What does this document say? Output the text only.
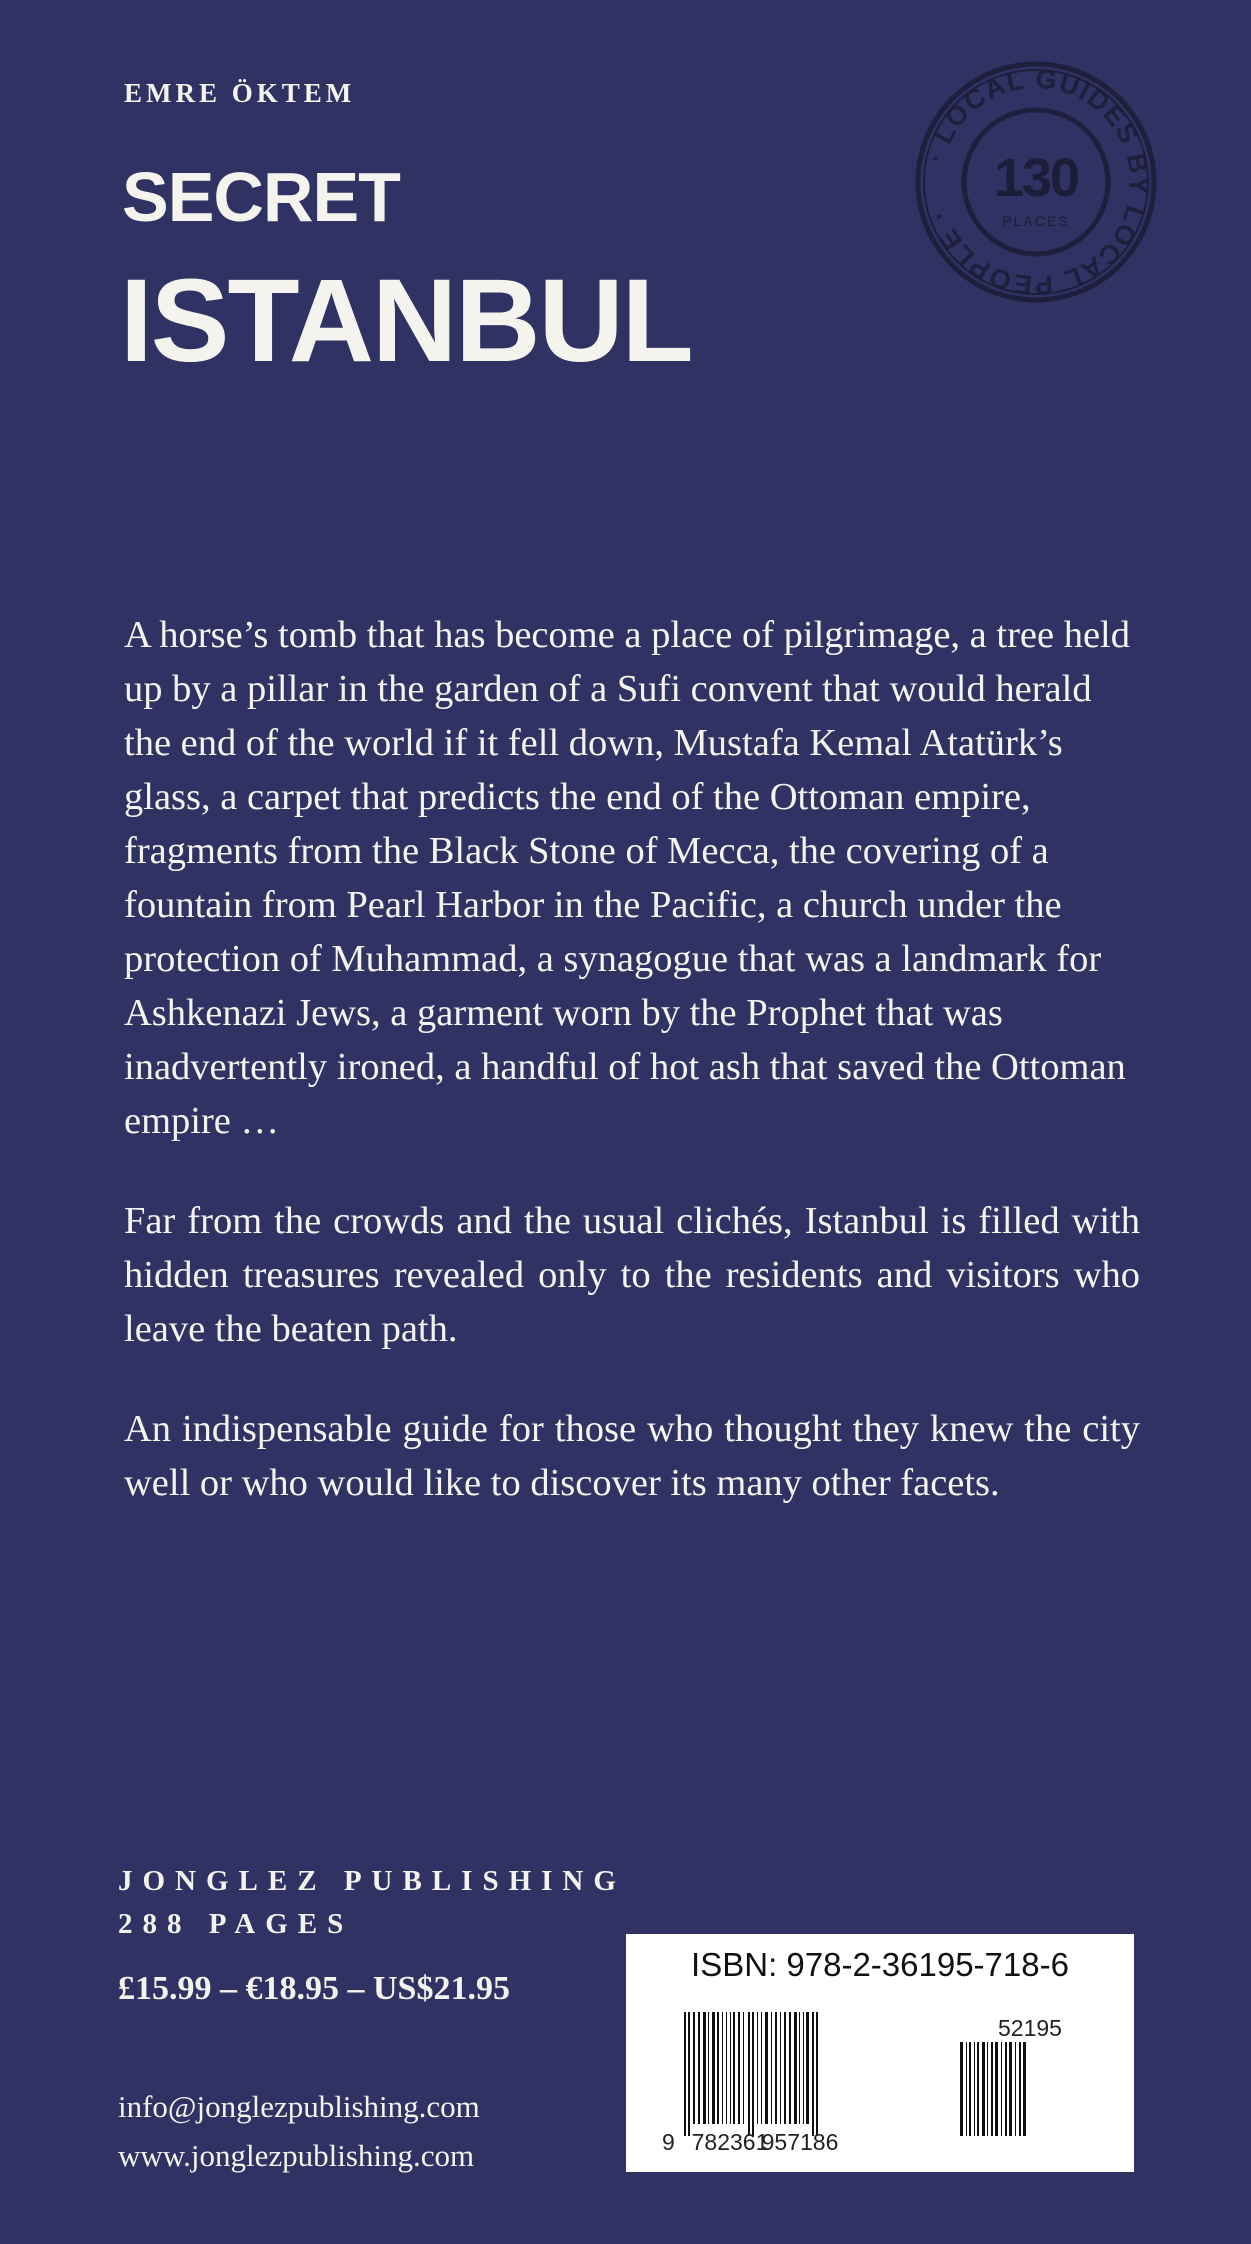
EMRE ÖKTEM
SECRET
ISTANBUL
· LOCAL GUIDES BY LOCAL PEOPLE ·
130
PLACES

A horse’s tomb that has become a place of pilgrimage, a tree held up by a pillar in the garden of a Sufi convent that would herald the end of the world if it fell down, Mustafa Kemal Atatürk’s glass, a carpet that predicts the end of the Ottoman empire, fragments from the Black Stone of Mecca, the covering of a fountain from Pearl Harbor in the Pacific, a church under the protection of Muhammad, a synagogue that was a landmark for Ashkenazi Jews, a garment worn by the Prophet that was inadvertently ironed, a handful of hot ash that saved the Ottoman empire …

Far from the crowds and the usual clichés, Istanbul is filled with hidden treasures revealed only to the residents and visitors who leave the beaten path.

An indispensable guide for those who thought they knew the city well or who would like to discover its many other facets.

JONGLEZ PUBLISHING
288 PAGES
£15.99 – €18.95 – US$21.95
info@jonglezpublishing.com
www.jonglezpublishing.com
ISBN: 978-2-36195-718-6
9 782361
957186
52195
